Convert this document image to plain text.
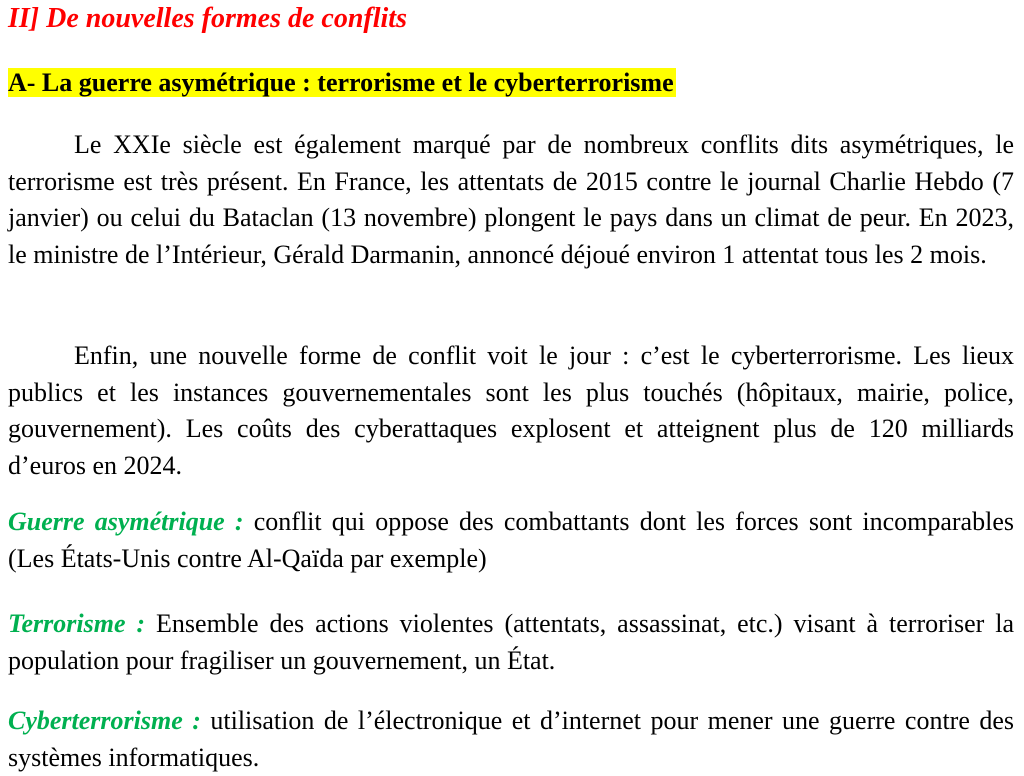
II] De nouvelles formes de conflits
A- La guerre asymétrique : terrorisme et le cyberterrorisme

Le XXIe siècle est également marqué par de nombreux conflits dits asymétriques, le terrorisme est très présent. En France, les attentats de 2015 contre le journal Charlie Hebdo (7 janvier) ou celui du Bataclan (13 novembre) plongent le pays dans un climat de peur. En 2023, le ministre de l’Intérieur, Gérald Darmanin, annoncé déjoué environ 1 attentat tous les 2 mois.

Enfin, une nouvelle forme de conflit voit le jour : c’est le cyberterrorisme. Les lieux publics et les instances gouvernementales sont les plus touchés (hôpitaux, mairie, police, gouvernement). Les coûts des cyberattaques explosent et atteignent plus de 120 milliards d’euros en 2024.

Guerre asymétrique : conflit qui oppose des combattants dont les forces sont incomparables (Les États-Unis contre Al-Qaïda par exemple)

Terrorisme : Ensemble des actions violentes (attentats, assassinat, etc.) visant à terroriser la population pour fragiliser un gouvernement, un État.

Cyberterrorisme : utilisation de l’électronique et d’internet pour mener une guerre contre des systèmes informatiques.
